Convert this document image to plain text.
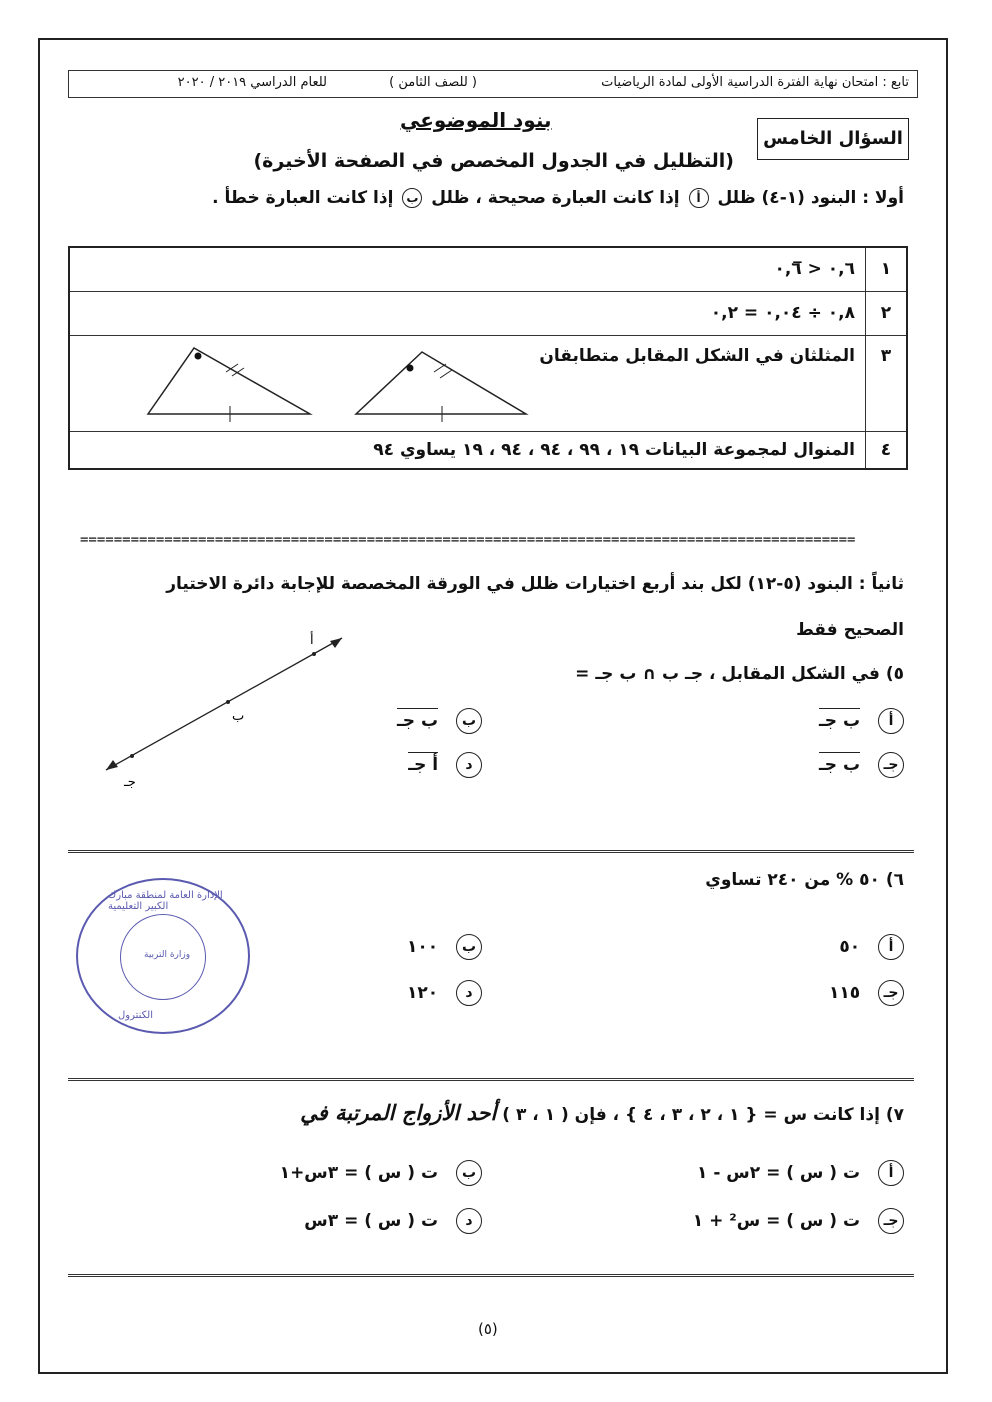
تابع : امتحان نهاية الفترة الدراسية الأولى لمادة الرياضيات
( للصف الثامن )
للعام الدراسي ٢٠١٩ / ٢٠٢٠
بنود الموضوعي
السؤال الخامس
(التظليل في الجدول المخصص في الصفحة الأخيرة)
أولا : البنود (١-٤) ظلل أ إذا كانت العبارة صحيحة ، ظلل ب إذا كانت العبارة خطأ .
١	٠,٦ < ٠,٦̅
٢	٠,٨ ÷ ٠,٠٤ = ٠,٢
٣	المثلثان في الشكل المقابل متطابقان

٤	المنوال لمجموعة البيانات ١٩ ، ٩٩ ، ٩٤ ، ٩٤ ، ١٩ يساوي ٩٤
============================================================================================
ثانياً : البنود (٥-١٢) لكل بند أربع اختيارات ظلل في الورقة المخصصة للإجابة دائرة الاختيار
الصحيح فقط
٥) في الشكل المقابل ، جـ ب ∩ ب جـ =
أ
ب
جـ
أ ب جـ
جـ ب جـ
ب ب جـ
د أ جـ
٦) ٥٠ % من ٢٤٠ تساوي
أ ٥٠
جـ ١١٥
ب ١٠٠
د ١٢٠
الإدارة العامة لمنطقة مبارك الكبير التعليمية
الكنترول
وزارة التربية
٧) إذا كانت س = { ١ ، ٢ ، ٣ ، ٤ } ، فإن ( ١ ، ٣ ) أحد الأزواج المرتبة في
أ ت ( س ) = ٢س - ١
جـ ت ( س ) = س² + ١
ب ت ( س ) = ٣س+١
د ت ( س ) = ٣س
(٥)
